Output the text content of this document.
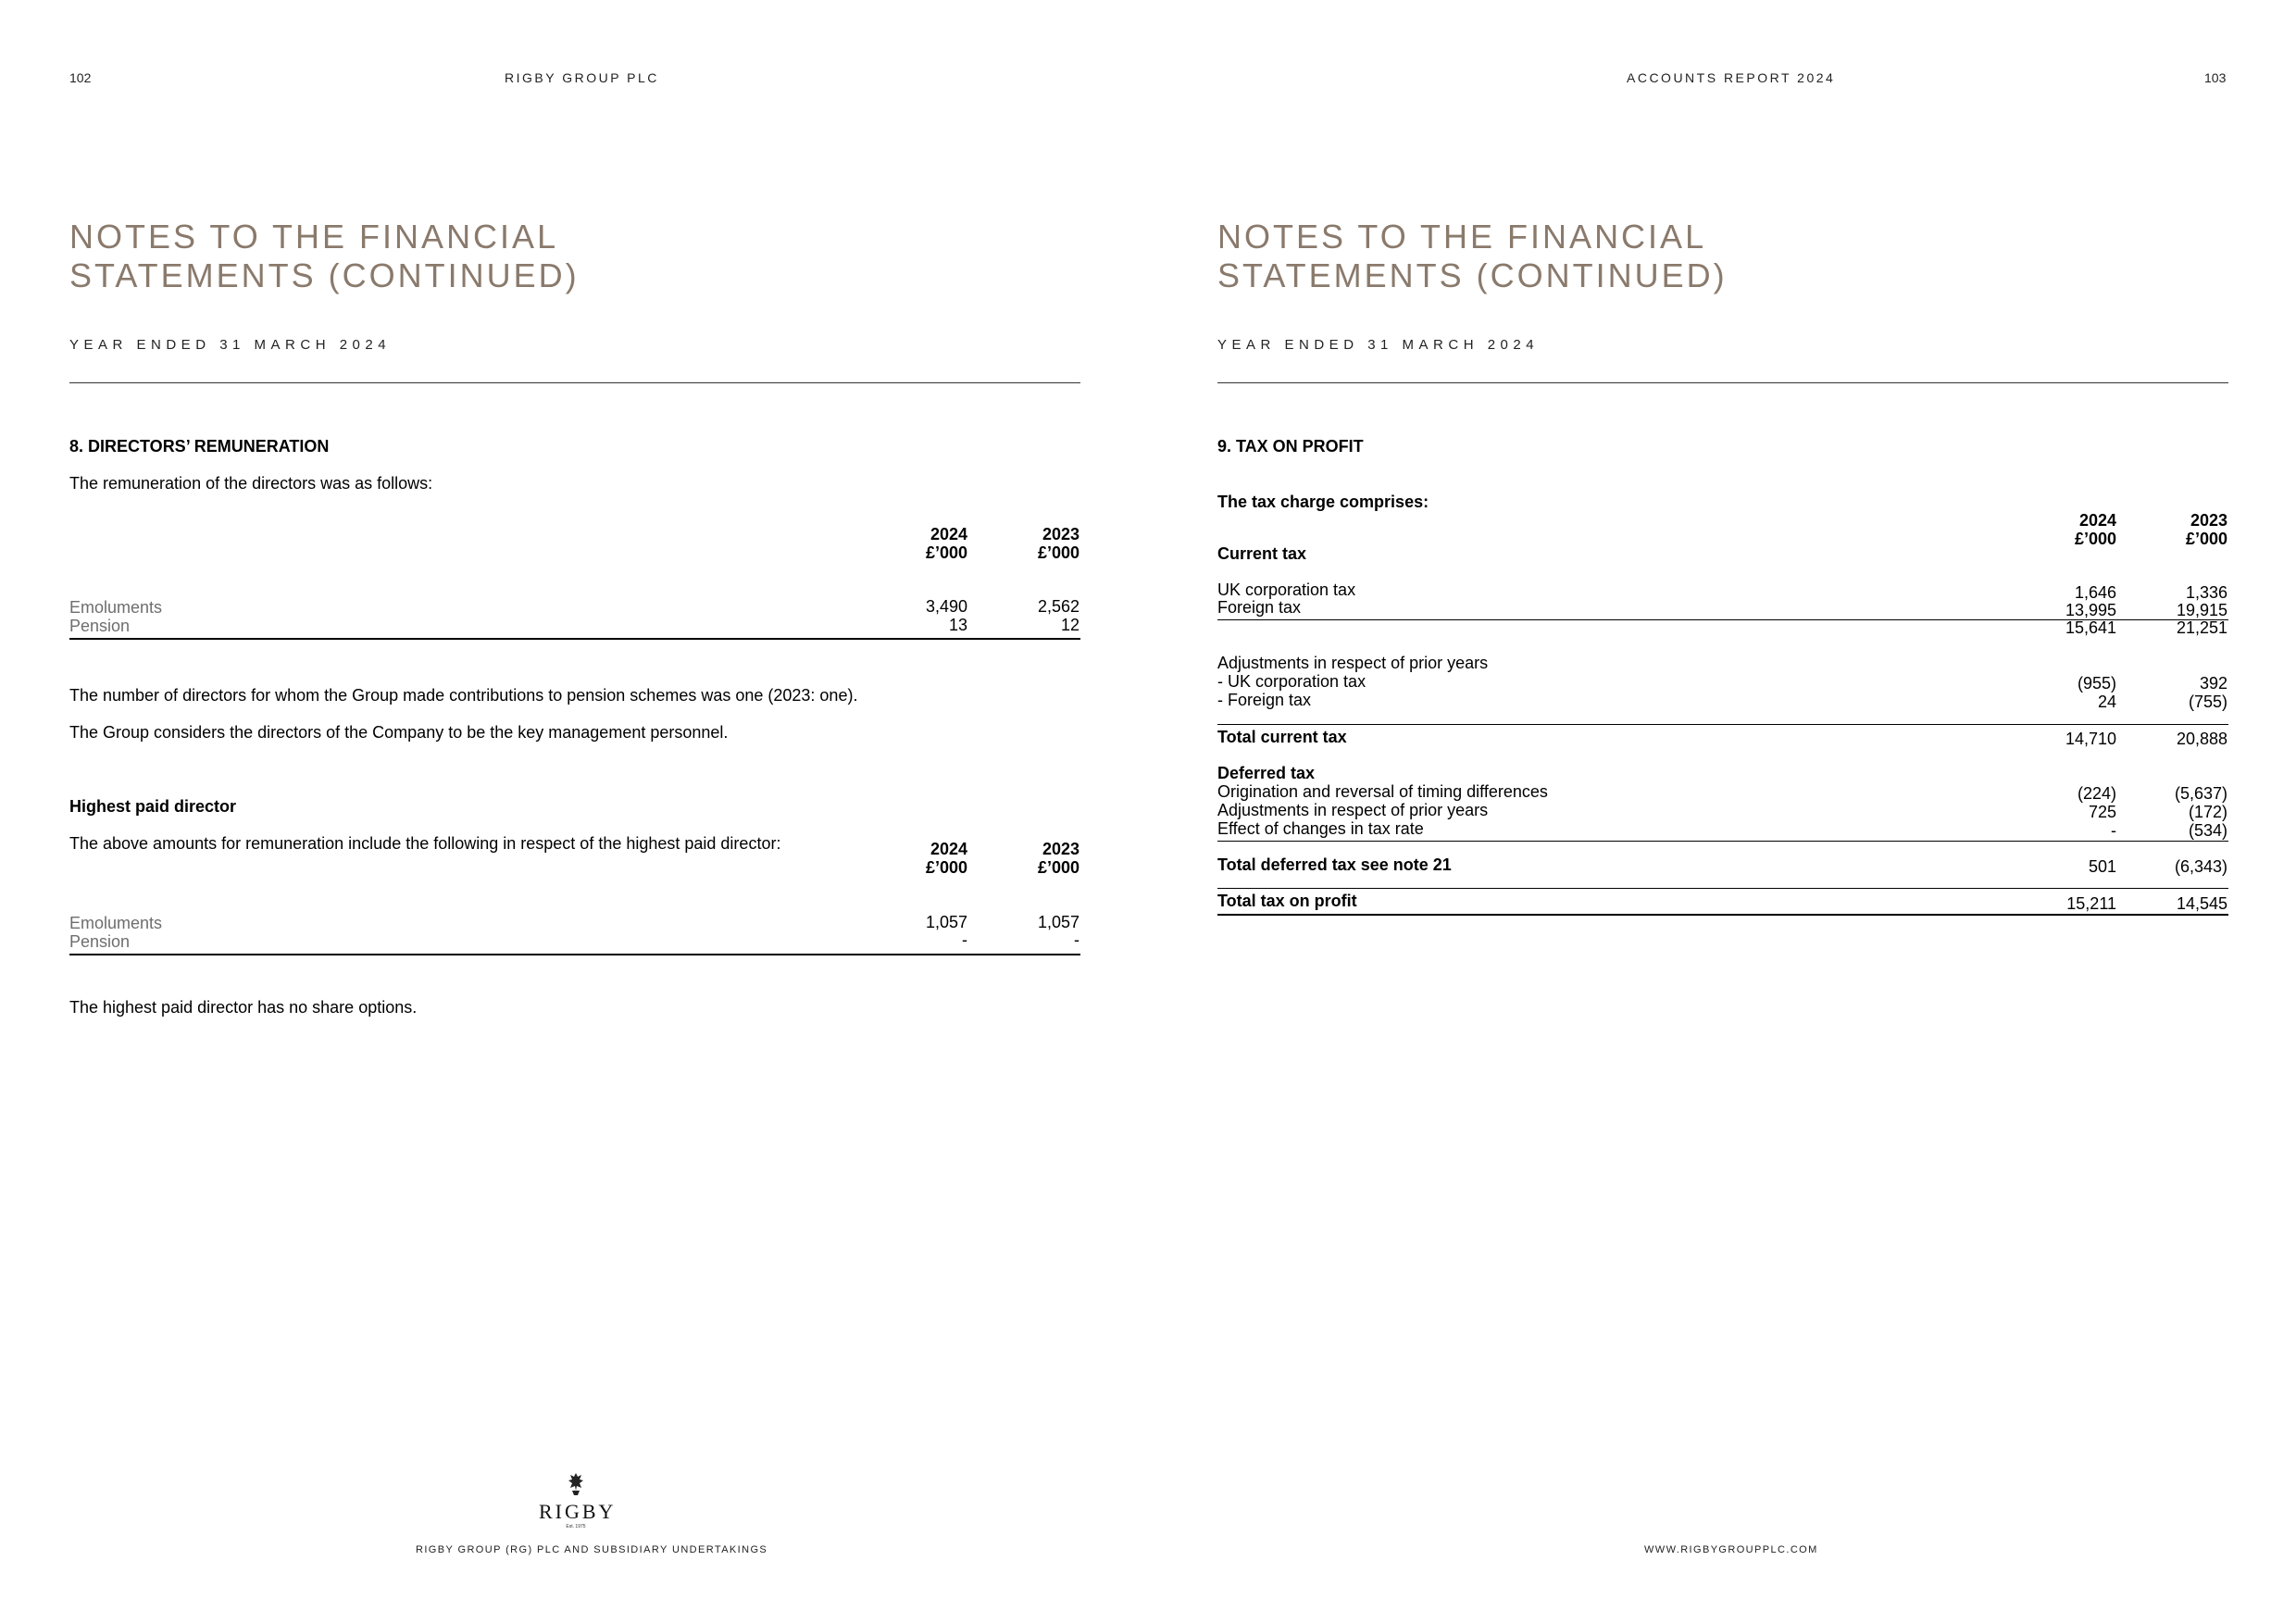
102	RIGBY GROUP PLC
NOTES TO THE FINANCIAL
STATEMENTS (CONTINUED)
YEAR ENDED 31 MARCH 2024
8. DIRECTORS’ REMUNERATION
The remuneration of the directors was as follows:
2024
£’000
2023
£’000
Emoluments	3,490	2,562
Pension	13	12
The number of directors for whom the Group made contributions to pension schemes was one (2023: one).
The Group considers the directors of the Company to be the key management personnel.
Highest paid director
The above amounts for remuneration include the following in respect of the highest paid director:	2024
£’000
2023
£’000
Emoluments	1,057	1,057
Pension	-	-
The highest paid director has no share options.
RIGBY
Est. 1975
RIGBY GROUP (RG) PLC AND SUBSIDIARY UNDERTAKINGS
ACCOUNTS REPORT 2024	103
NOTES TO THE FINANCIAL
STATEMENTS (CONTINUED)
YEAR ENDED 31 MARCH 2024
9. TAX ON PROFIT
The tax charge comprises:
2024
£’000
2023
£’000
Current tax
UK corporation tax	1,646	1,336
Foreign tax	13,995	19,915
15,641	21,251
Adjustments in respect of prior years
- UK corporation tax	(955)	392
- Foreign tax	24	(755)
Total current tax	14,710	20,888
Deferred tax
Origination and reversal of timing differences	(224)	(5,637)
Adjustments in respect of prior years	725	(172)
Effect of changes in tax rate	-	(534)
Total deferred tax see note 21	501	(6,343)
Total tax on profit	15,211	14,545
WWW.RIGBYGROUPPLC.COM
